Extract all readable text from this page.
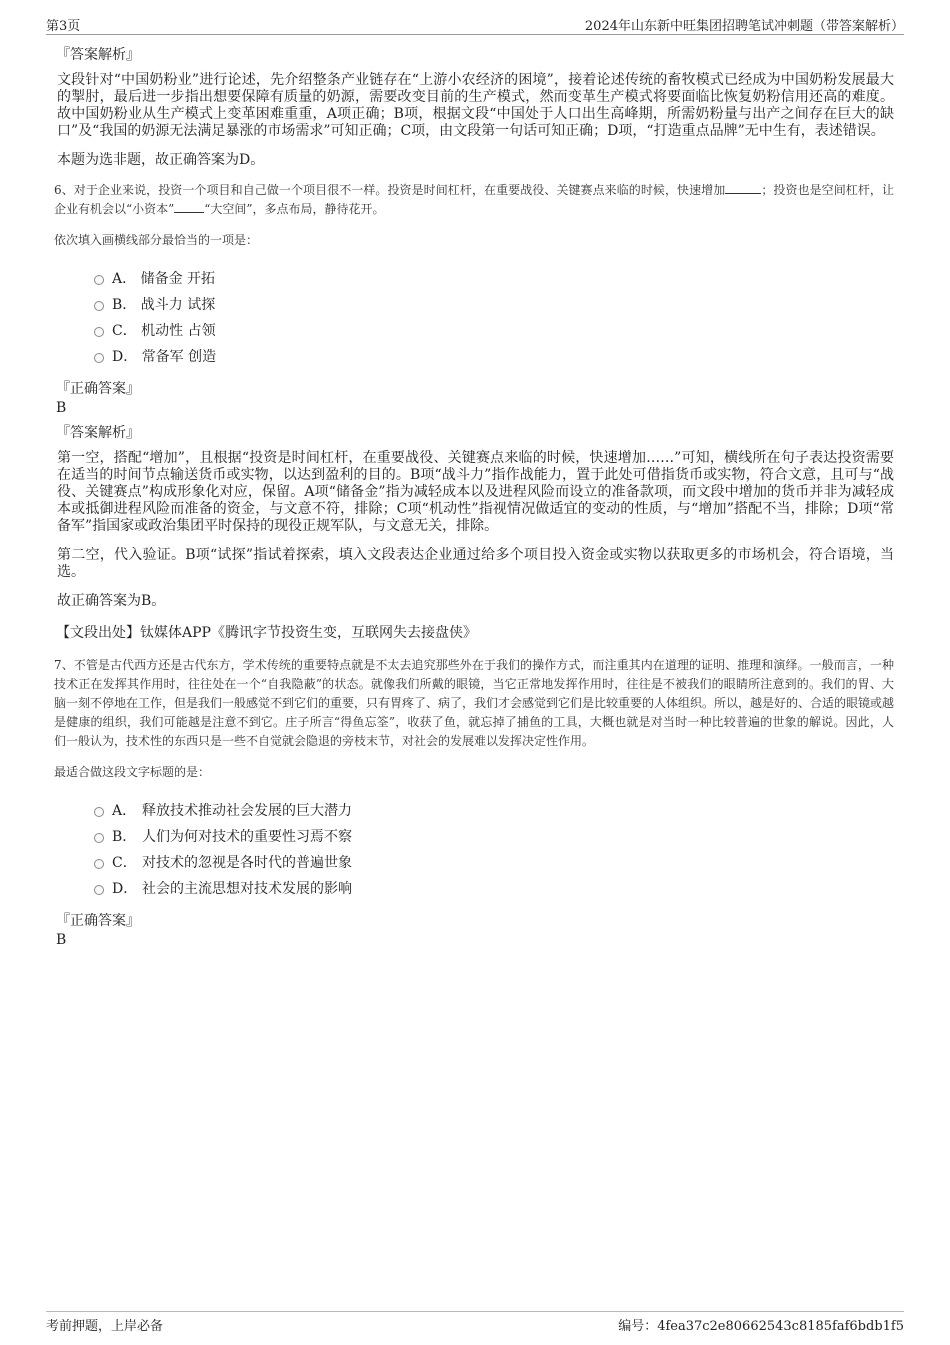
第3页	2024年山东新中旺集团招聘笔试冲刺题（带答案解析）
『答案解析』

文段针对“中国奶粉业”进行论述，先介绍整条产业链存在“上游小农经济的困境”，接着论述传统的畜牧模式已经成为中国奶粉发展最大的掣肘，最后进一步指出想要保障有质量的奶源，需要改变目前的生产模式，然而变革生产模式将要面临比恢复奶粉信用还高的难度。故中国奶粉业从生产模式上变革困难重重，A项正确；B项，根据文段“中国处于人口出生高峰期，所需奶粉量与出产之间存在巨大的缺口”及“我国的奶源无法满足暴涨的市场需求”可知正确；C项，由文段第一句话可知正确；D项，“打造重点品牌”无中生有，表述错误。

本题为选非题，故正确答案为D。

6、对于企业来说，投资一个项目和自己做一个项目很不一样。投资是时间杠杆，在重要战役、关键赛点来临的时候，快速增加	；投资也是空间杠杆，让企业有机会以“小资本”	“大空间”，多点布局，静待花开。

依次填入画横线部分最恰当的一项是：
A． 储备金 开拓
B． 战斗力 试探
C． 机动性 占领
D． 常备军 创造
『正确答案』
B
『答案解析』

第一空，搭配“增加”，且根据“投资是时间杠杆，在重要战役、关键赛点来临的时候，快速增加……”可知，横线所在句子表达投资需要在适当的时间节点输送货币或实物，以达到盈利的目的。B项“战斗力”指作战能力，置于此处可借指货币或实物，符合文意，且可与“战役、关键赛点”构成形象化对应，保留。A项“储备金”指为减轻成本以及进程风险而设立的准备款项，而文段中增加的货币并非为减轻成本或抵御进程风险而准备的资金，与文意不符，排除；C项“机动性”指视情况做适宜的变动的性质，与“增加”搭配不当，排除；D项“常备军”指国家或政治集团平时保持的现役正规军队，与文意无关，排除。

第二空，代入验证。B项“试探”指试着探索，填入文段表达企业通过给多个项目投入资金或实物以获取更多的市场机会，符合语境，当选。

故正确答案为B。

【文段出处】钛媒体APP《腾讯字节投资生变，互联网失去接盘侠》

7、不管是古代西方还是古代东方，学术传统的重要特点就是不太去追究那些外在于我们的操作方式，而注重其内在道理的证明、推理和演绎。一般而言，一种技术正在发挥其作用时，往往处在一个“自我隐蔽”的状态。就像我们所戴的眼镜，当它正常地发挥作用时，往往是不被我们的眼睛所注意到的。我们的胃、大脑一刻不停地在工作，但是我们一般感觉不到它们的重要，只有胃疼了、病了，我们才会感觉到它们是比较重要的人体组织。所以，越是好的、合适的眼镜或越是健康的组织，我们可能越是注意不到它。庄子所言“得鱼忘筌”，收获了鱼，就忘掉了捕鱼的工具，大概也就是对当时一种比较普遍的世象的解说。因此，人们一般认为，技术性的东西只是一些不自觉就会隐退的旁枝末节，对社会的发展难以发挥决定性作用。

最适合做这段文字标题的是：
A． 释放技术推动社会发展的巨大潜力
B． 人们为何对技术的重要性习焉不察
C． 对技术的忽视是各时代的普遍世象
D． 社会的主流思想对技术发展的影响
『正确答案』
B
考前押题，上岸必备	编号：4fea37c2e80662543c8185faf6bdb1f5
